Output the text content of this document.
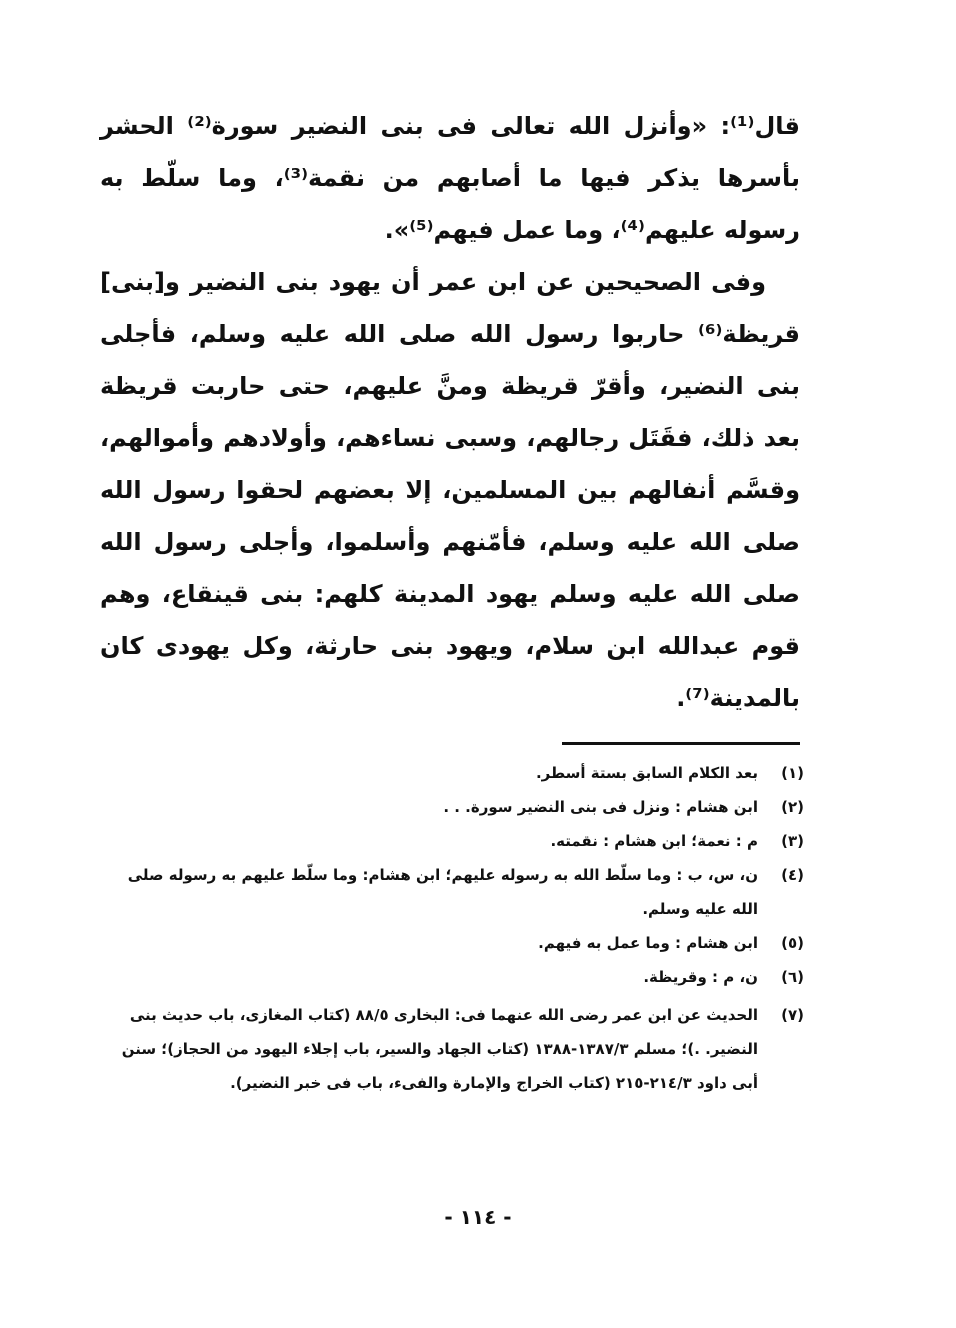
قال⁽¹⁾: «وأنزل الله تعالى فى بنى النضير سورة⁽²⁾ الحشر بأسرها يذكر فيها ما أصابهم من نقمة⁽³⁾، وما سلّط به رسوله عليهم⁽⁴⁾، وما عمل فيهم⁽⁵⁾».

وفى الصحيحين عن ابن عمر أن يهود بنى النضير و[بنى] قريظة⁽⁶⁾ حاربوا رسول الله صلى الله عليه وسلم، فأجلى بنى النضير، وأقرّ قريظة ومنَّ عليهم، حتى حاربت قريظة بعد ذلك، فقَتَل رجالهم، وسبى نساءهم، وأولادهم وأموالهم، وقسَّم أنفالهم بين المسلمين، إلا بعضهم لحقوا رسول الله صلى الله عليه وسلم، فأمّنهم وأسلموا، وأجلى رسول الله صلى الله عليه وسلم يهود المدينة كلهم: بنى قينقاع، وهم قوم عبدالله ابن سلام، ويهود بنى حارثة، وكل يهودى كان بالمدينة⁽⁷⁾.

(١)
بعد الكلام السابق بستة أسطر.
(٢)
ابن هشام : ونزل فى بنى النضير سورة. . .
(٣)
م : نعمة؛ ابن هشام : نقمته.
(٤)
ن، س، ب : وما سلّط الله به رسوله عليهم؛ ابن هشام: وما سلّط عليهم به رسوله صلى الله عليه وسلم.
(٥)
ابن هشام : وما عمل به فيهم.
(٦)
ن، م : وقريظة.
(٧)
الحديث عن ابن عمر رضى الله عنهما فى: البخارى ٨٨/٥ (كتاب المغازى، باب حديث بنى النضير. .)؛ مسلم ١٣٨٧/٣-١٣٨٨ (كتاب الجهاد والسير، باب إجلاء اليهود من الحجاز)؛ سنن أبى داود ٢١٤/٣-٢١٥ (كتاب الخراج والإمارة والفىء، باب فى خبر النضير).
- ١١٤ -
